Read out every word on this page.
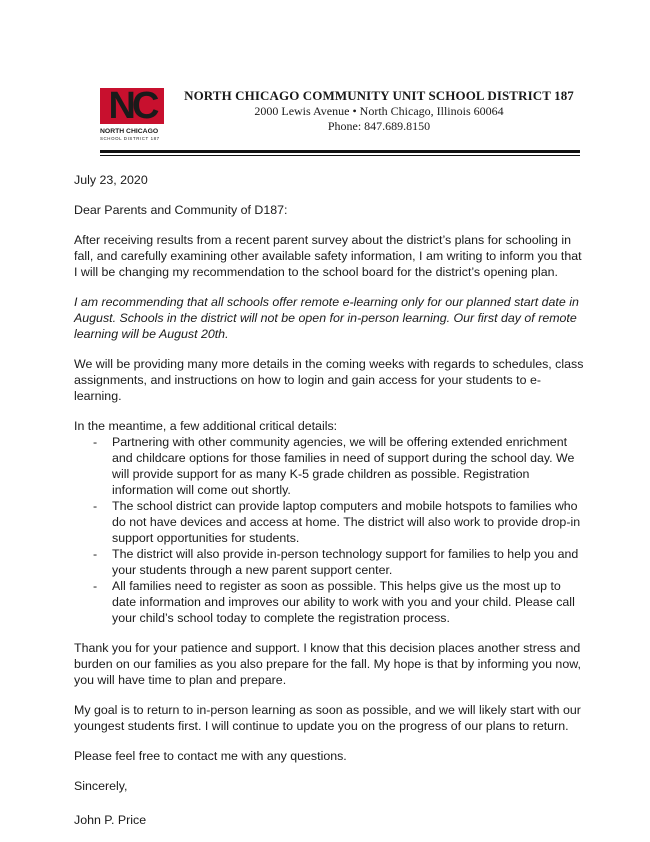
NC
NORTH CHICAGO
SCHOOL DISTRICT 187
NORTH CHICAGO COMMUNITY UNIT SCHOOL DISTRICT 187
2000 Lewis Avenue • North Chicago, Illinois 60064
Phone: 847.689.8150

July 23, 2020

Dear Parents and Community of D187:

After receiving results from a recent parent survey about the district’s plans for schooling in fall, and carefully examining other available safety information, I am writing to inform you that I will be changing my recommendation to the school board for the district’s opening plan.

I am recommending that all schools offer remote e-learning only for our planned start date in August. Schools in the district will not be open for in-person learning. Our first day of remote learning will be August 20th.

We will be providing many more details in the coming weeks with regards to schedules, class assignments, and instructions on how to login and gain access for your students to e-learning.

In the meantime, a few additional critical details:

- Partnering with other community agencies, we will be offering extended enrichment and childcare options for those families in need of support during the school day. We will provide support for as many K-5 grade children as possible. Registration information will come out shortly.
- The school district can provide laptop computers and mobile hotspots to families who do not have devices and access at home. The district will also work to provide drop-in support opportunities for students.
- The district will also provide in-person technology support for families to help you and your students through a new parent support center.
- All families need to register as soon as possible. This helps give us the most up to date information and improves our ability to work with you and your child. Please call your child’s school today to complete the registration process.

Thank you for your patience and support. I know that this decision places another stress and burden on our families as you also prepare for the fall. My hope is that by informing you now, you will have time to plan and prepare.

My goal is to return to in-person learning as soon as possible, and we will likely start with our youngest students first. I will continue to update you on the progress of our plans to return.

Please feel free to contact me with any questions.

Sincerely,

John P. Price
